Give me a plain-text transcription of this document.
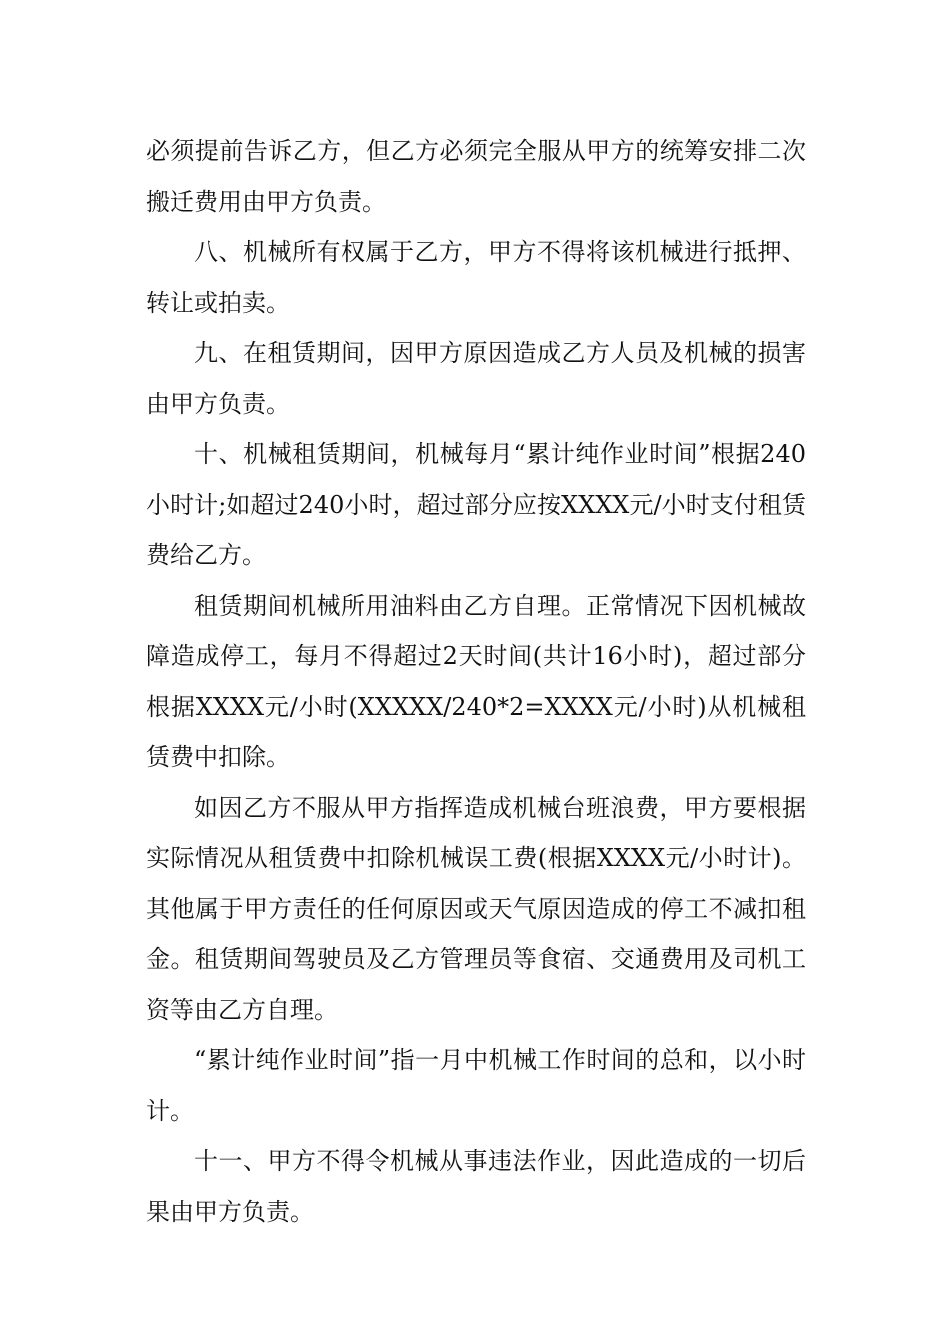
必须提前告诉乙方，但乙方必须完全服从甲方的统筹安排二次搬迁费用由甲方负责。

八、机械所有权属于乙方，甲方不得将该机械进行抵押、转让或拍卖。

九、在租赁期间，因甲方原因造成乙方人员及机械的损害由甲方负责。

十、机械租赁期间，机械每月“累计纯作业时间”根据240小时计;如超过240小时，超过部分应按XXXX元/小时支付租赁费给乙方。

租赁期间机械所用油料由乙方自理。正常情况下因机械故障造成停工，每月不得超过2天时间(共计16小时)，超过部分根据XXXX元/小时(XXXXX/240*2=XXXX元/小时)从机械租赁费中扣除。

如因乙方不服从甲方指挥造成机械台班浪费，甲方要根据实际情况从租赁费中扣除机械误工费(根据XXXX元/小时计)。其他属于甲方责任的任何原因或天气原因造成的停工不减扣租金。租赁期间驾驶员及乙方管理员等食宿、交通费用及司机工资等由乙方自理。

“累计纯作业时间”指一月中机械工作时间的总和，以小时计。

十一、甲方不得令机械从事违法作业，因此造成的一切后果由甲方负责。
